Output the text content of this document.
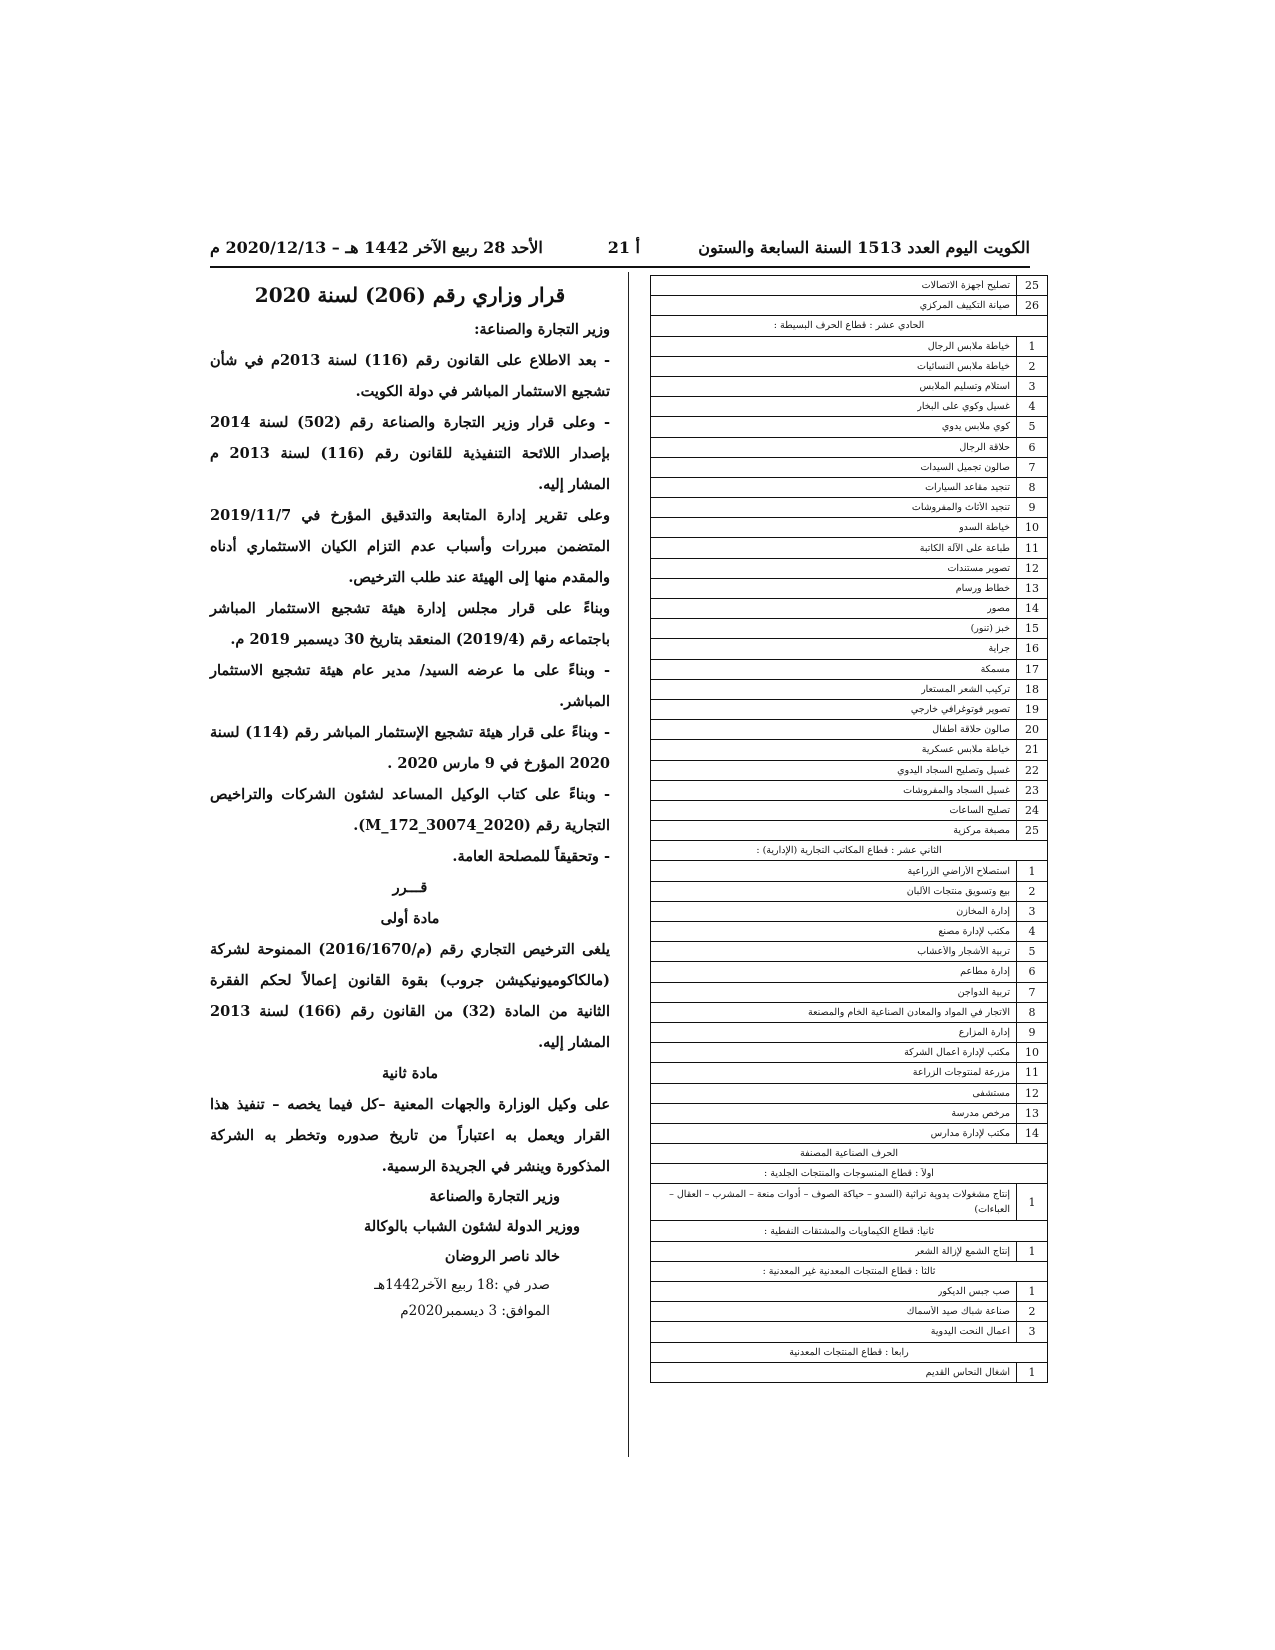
الكويت اليوم العدد 1513 السنة السابعة والستون
أ 21
الأحد 28 ربيع الآخر 1442 هـ – 2020/12/13 م

قرار وزاري رقم (206) لسنة 2020

وزير التجارة والصناعة:

- بعد الاطلاع على القانون رقم (116) لسنة 2013م في شأن تشجيع الاستثمار المباشر في دولة الكويت.

- وعلى قرار وزير التجارة والصناعة رقم (502) لسنة 2014 بإصدار اللائحة التنفيذية للقانون رقم (116) لسنة 2013 م المشار إليه.

وعلى تقرير إدارة المتابعة والتدقيق المؤرخ في 2019/11/7 المتضمن مبررات وأسباب عدم التزام الكيان الاستثماري أدناه والمقدم منها إلى الهيئة عند طلب الترخيص.

وبناءً على قرار مجلس إدارة هيئة تشجيع الاستثمار المباشر باجتماعه رقم (2019/4) المنعقد بتاريخ 30 ديسمبر 2019 م.

- وبناءً على ما عرضه السيد/ مدير عام هيئة تشجيع الاستثمار المباشر.

- وبناءً على قرار هيئة تشجيع الإستثمار المباشر رقم (114) لسنة 2020 المؤرخ في 9 مارس 2020 .

- وبناءً على كتاب الوكيل المساعد لشئون الشركات والتراخيص التجارية رقم (M_172_30074_2020).

- وتحقيقاً للمصلحة العامة.

قـــرر

مادة أولى

يلغى الترخيص التجاري رقم (م/2016/1670) الممنوحة لشركة (مالكاكوميونيكيشن جروب) بقوة القانون إعمالاً لحكم الفقرة الثانية من المادة (32) من القانون رقم (166) لسنة 2013 المشار إليه.

مادة ثانية

على وكيل الوزارة والجهات المعنية –كل فيما يخصه – تنفيذ هذا القرار ويعمل به اعتباراً من تاريخ صدوره وتخطر به الشركة المذكورة وينشر في الجريدة الرسمية.

وزير التجارة والصناعة

ووزير الدولة لشئون الشباب بالوكالة

خالد ناصر الروضان

صدر في :18 ربيع الآخر1442هـ

الموافق: 3 ديسمبر2020م

25
تصليح أجهزة الاتصالات
26
صيانة التكييف المركزي
الحادي عشر : قطاع الحرف البسيطة :
1
خياطة ملابس الرجال
2
خياطة ملابس النسائيات
3
استلام وتسليم الملابس
4
غسيل وكوي على البخار
5
كوي ملابس يدوي
6
حلاقة الرجال
7
صالون تجميل السيدات
8
تنجيد مقاعد السيارات
9
تنجيد الأثاث والمفروشات
10
خياطة السدو
11
طباعة على الآلة الكاتبة
12
تصوير مستندات
13
خطاط ورسام
14
مصور
15
خبز (تنور)
16
جراية
17
مسمكة
18
تركيب الشعر المستعار
19
تصوير فوتوغرافي خارجي
20
صالون حلاقة أطفال
21
خياطة ملابس عسكرية
22
غسيل وتصليح السجاد اليدوي
23
غسيل السجاد والمفروشات
24
تصليح الساعات
25
مصبغة مركزية
الثاني عشر : قطاع المكاتب التجارية (الإدارية) :
1
استصلاح الأراضي الزراعية
2
بيع وتسويق منتجات الألبان
3
إدارة المخازن
4
مكتب لإدارة مصنع
5
تربية الأشجار والأعشاب
6
إدارة مطاعم
7
تربية الدواجن
8
الاتجار في المواد والمعادن الصناعية الخام والمصنعة
9
إدارة المزارع
10
مكتب لإدارة أعمال الشركة
11
مزرعة لمنتوجات الزراعة
12
مستشفى
13
مرخص مدرسة
14
مكتب لإدارة مدارس
الحرف الصناعية المصنفة
أولاً : قطاع المنسوجات والمنتجات الجلدية :
1
إنتاج مشغولات يدوية تراثية (السدو – حياكة الصوف – أدوات منعة – المشرب – العقال – العباءات)
ثانياً: قطاع الكيماويات والمشتقات النفطية :
1
إنتاج الشمع لإزالة الشعر
ثالثاً : قطاع المنتجات المعدنية غير المعدنية :
1
صب جبس الديكور
2
صناعة شباك صيد الأسماك
3
أعمال النحت اليدوية
رابعاً : قطاع المنتجات المعدنية
1
أشغال النحاس القديم
